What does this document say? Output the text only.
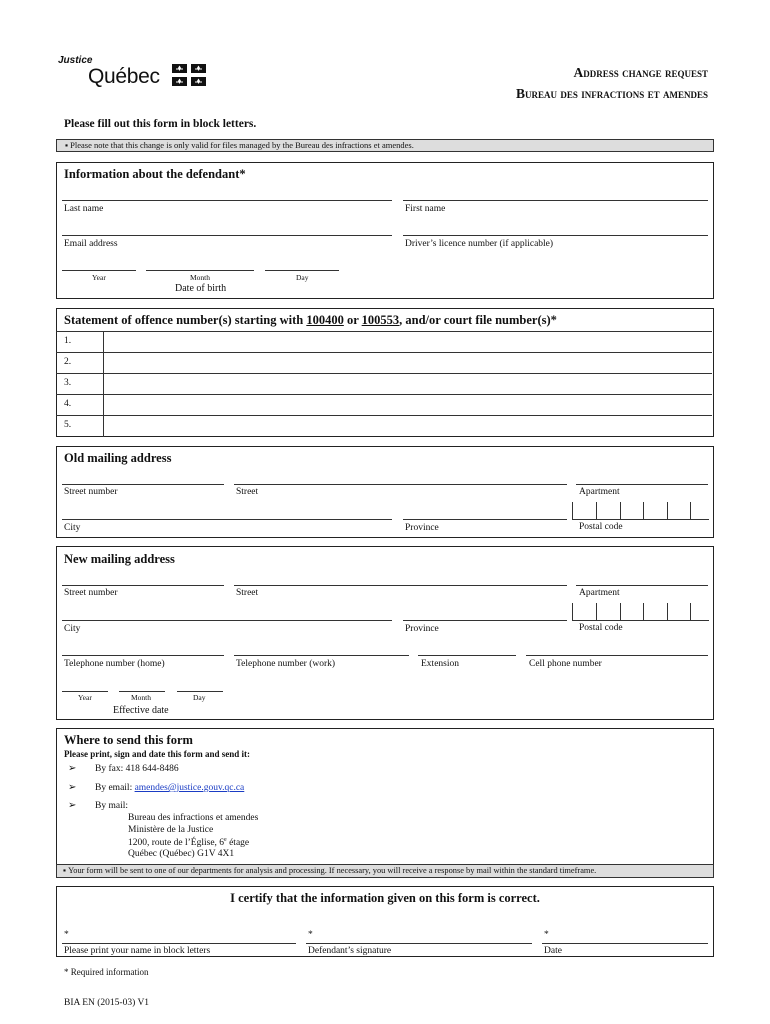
Justice
Québec	Address change request
Bureau des infractions et amendes
Please fill out this form in block letters.
▪ Please note that this change is only valid for files managed by the Bureau des infractions et amendes.
Information about the defendant*
Last name	First name
Email address	Driver’s licence number (if applicable)
Year	Month	Day
Date of birth
Statement of offence number(s) starting with 100400 or 100553, and/or court file number(s)*
1.
2.
3.
4.
5.
Old mailing address
Street number	Street	Apartment
City	Province	Postal code
New mailing address
Street number	Street	Apartment
City	Province	Postal code
Telephone number (home)	Telephone number (work)	Extension	Cell phone number
Year	Month	Day
Effective date
Where to send this form
Please print, sign and date this form and send it:
➢ By fax: 418 644-8486
➢ By email: amendes@justice.gouv.qc.ca
➢ By mail:
Bureau des infractions et amendes
Ministère de la Justice
1200, route de l’Église, 6e étage
Québec (Québec) G1V 4X1
▪ Your form will be sent to one of our departments for analysis and processing. If necessary, you will receive a response by mail within the standard timeframe.
I certify that the information given on this form is correct.
*
Please print your name in block letters
*
Defendant’s signature
*
Date
* Required information
BIA EN (2015-03) V1
